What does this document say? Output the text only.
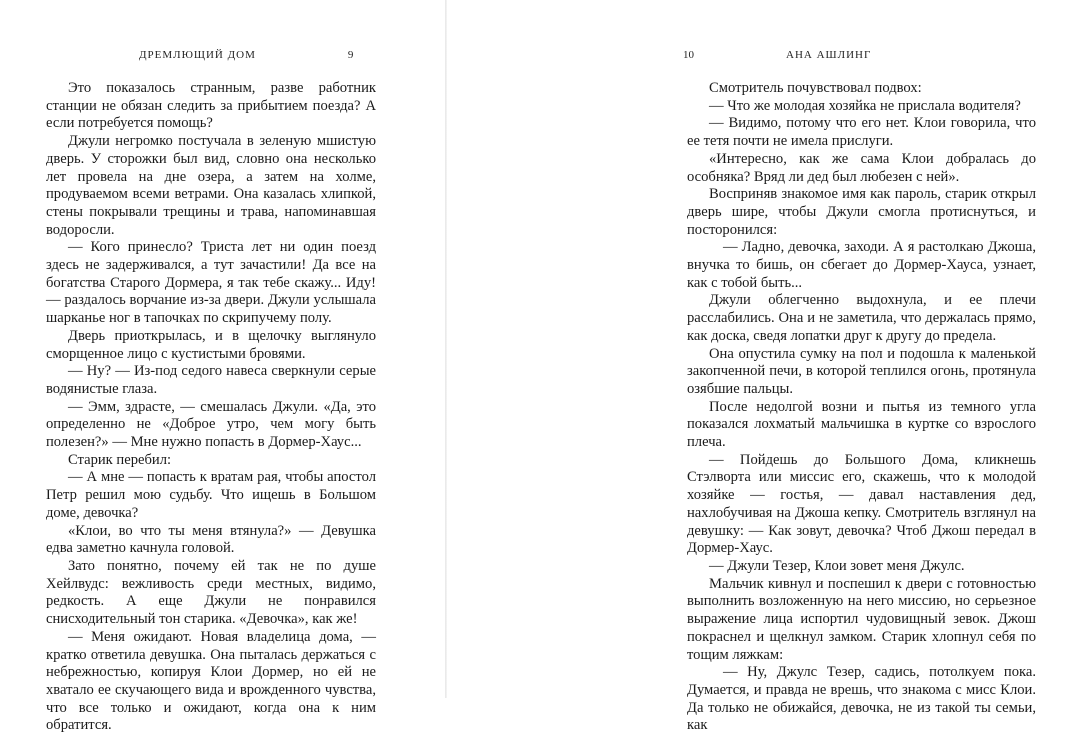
ДРЕМЛЮЩИЙ ДОМ	9

Это показалось странным, разве работник станции не обязан следить за прибытием поезда? А если потребуется помощь?

Джули негромко постучала в зеленую мшистую дверь. У сторожки был вид, словно она несколько лет провела на дне озера, а затем на холме, продуваемом всеми ветрами. Она казалась хлипкой, стены покрывали трещины и трава, напоминавшая водоросли.

— Кого принесло? Триста лет ни один поезд здесь не задерживался, а тут зачастили! Да все на богатства Старого Дормера, я так тебе скажу... Иду! — раздалось ворчание из-за двери. Джули услышала шарканье ног в тапочках по скрипучему полу.

Дверь приоткрылась, и в щелочку выглянуло сморщенное лицо с кустистыми бровями.

— Ну? — Из-под седого навеса сверкнули серые водянистые глаза.

— Эмм, здрасте, — смешалась Джули. «Да, это определенно не «Доброе утро, чем могу быть полезен?» — Мне нужно попасть в Дормер-Хаус...

Старик перебил:

— А мне — попасть к вратам рая, чтобы апостол Петр решил мою судьбу. Что ищешь в Большом доме, девочка?

«Клои, во что ты меня втянула?» — Девушка едва заметно качнула головой.

Зато понятно, почему ей так не по душе Хейлвудс: вежливость среди местных, видимо, редкость. А еще Джули не понравился снисходительный тон старика. «Девочка», как же!

— Меня ожидают. Новая владелица дома, — кратко ответила девушка. Она пыталась держаться с небрежностью, копируя Клои Дормер, но ей не хватало ее скучающего вида и врожденного чувства, что все только и ожидают, когда она к ним обратится.

10	АНА АШЛИНГ

Смотритель почувствовал подвох:

— Что же молодая хозяйка не прислала водителя?

— Видимо, потому что его нет. Клои говорила, что ее тетя почти не имела прислуги.

«Интересно, как же сама Клои добралась до особняка? Вряд ли дед был любезен с ней».

Восприняв знакомое имя как пароль, старик открыл дверь шире, чтобы Джули смогла протиснуться, и посторонился:

— Ладно, девочка, заходи. А я растолкаю Джоша, внучка то бишь, он сбегает до Дормер-Хауса, узнает, как с тобой быть...

Джули облегченно выдохнула, и ее плечи расслабились. Она и не заметила, что держалась прямо, как доска, сведя лопатки друг к другу до предела.

Она опустила сумку на пол и подошла к маленькой закопченной печи, в которой теплился огонь, протянула озябшие пальцы.

После недолгой возни и пытья из темного угла показался лохматый мальчишка в куртке со взрослого плеча.

— Пойдешь до Большого Дома, кликнешь Стэлворта или миссис его, скажешь, что к молодой хозяйке — гостья, — давал наставления дед, нахлобучивая на Джоша кепку. Смотритель взглянул на девушку: — Как зовут, девочка? Чтоб Джош передал в Дормер-Хаус.

— Джули Тезер, Клои зовет меня Джулс.

Мальчик кивнул и поспешил к двери с готовностью выполнить возложенную на него миссию, но серьезное выражение лица испортил чудовищный зевок. Джош покраснел и щелкнул замком. Старик хлопнул себя по тощим ляжкам:

— Ну, Джулс Тезер, садись, потолкуем пока. Думается, и правда не врешь, что знакома с мисс Клои. Да только не обижайся, девочка, не из такой ты семьи, как
